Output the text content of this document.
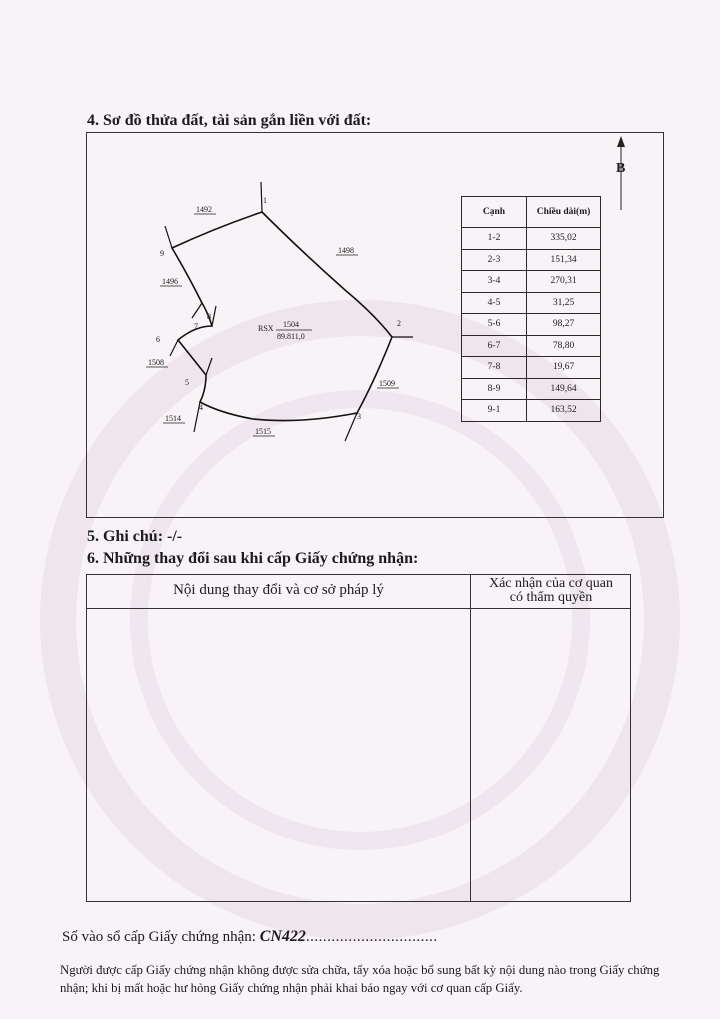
4. Sơ đồ thửa đất, tài sản gắn liền với đất:
B
1
2
3
4
5
6
7
8
9
1492
1498
1496
1508
1514
1515
1509
RSX 1504
89.811,0
Cạnh	Chiều dài(m)
1-2	335,02
2-3	151,34
3-4	270,31
4-5	31,25
5-6	98,27
6-7	78,80
7-8	19,67
8-9	149,64
9-1	163,52
5. Ghi chú: -/-
6. Những thay đổi sau khi cấp Giấy chứng nhận:
Nội dung thay đổi và cơ sở pháp lý	Xác nhận của cơ quan
có thẩm quyền
Số vào sổ cấp Giấy chứng nhận: CN422...............................
Người được cấp Giấy chứng nhận không được sửa chữa, tẩy xóa hoặc bổ sung bất kỳ nội dung nào trong Giấy chứng nhận; khi bị mất hoặc hư hỏng Giấy chứng nhận phải khai báo ngay với cơ quan cấp Giấy.
